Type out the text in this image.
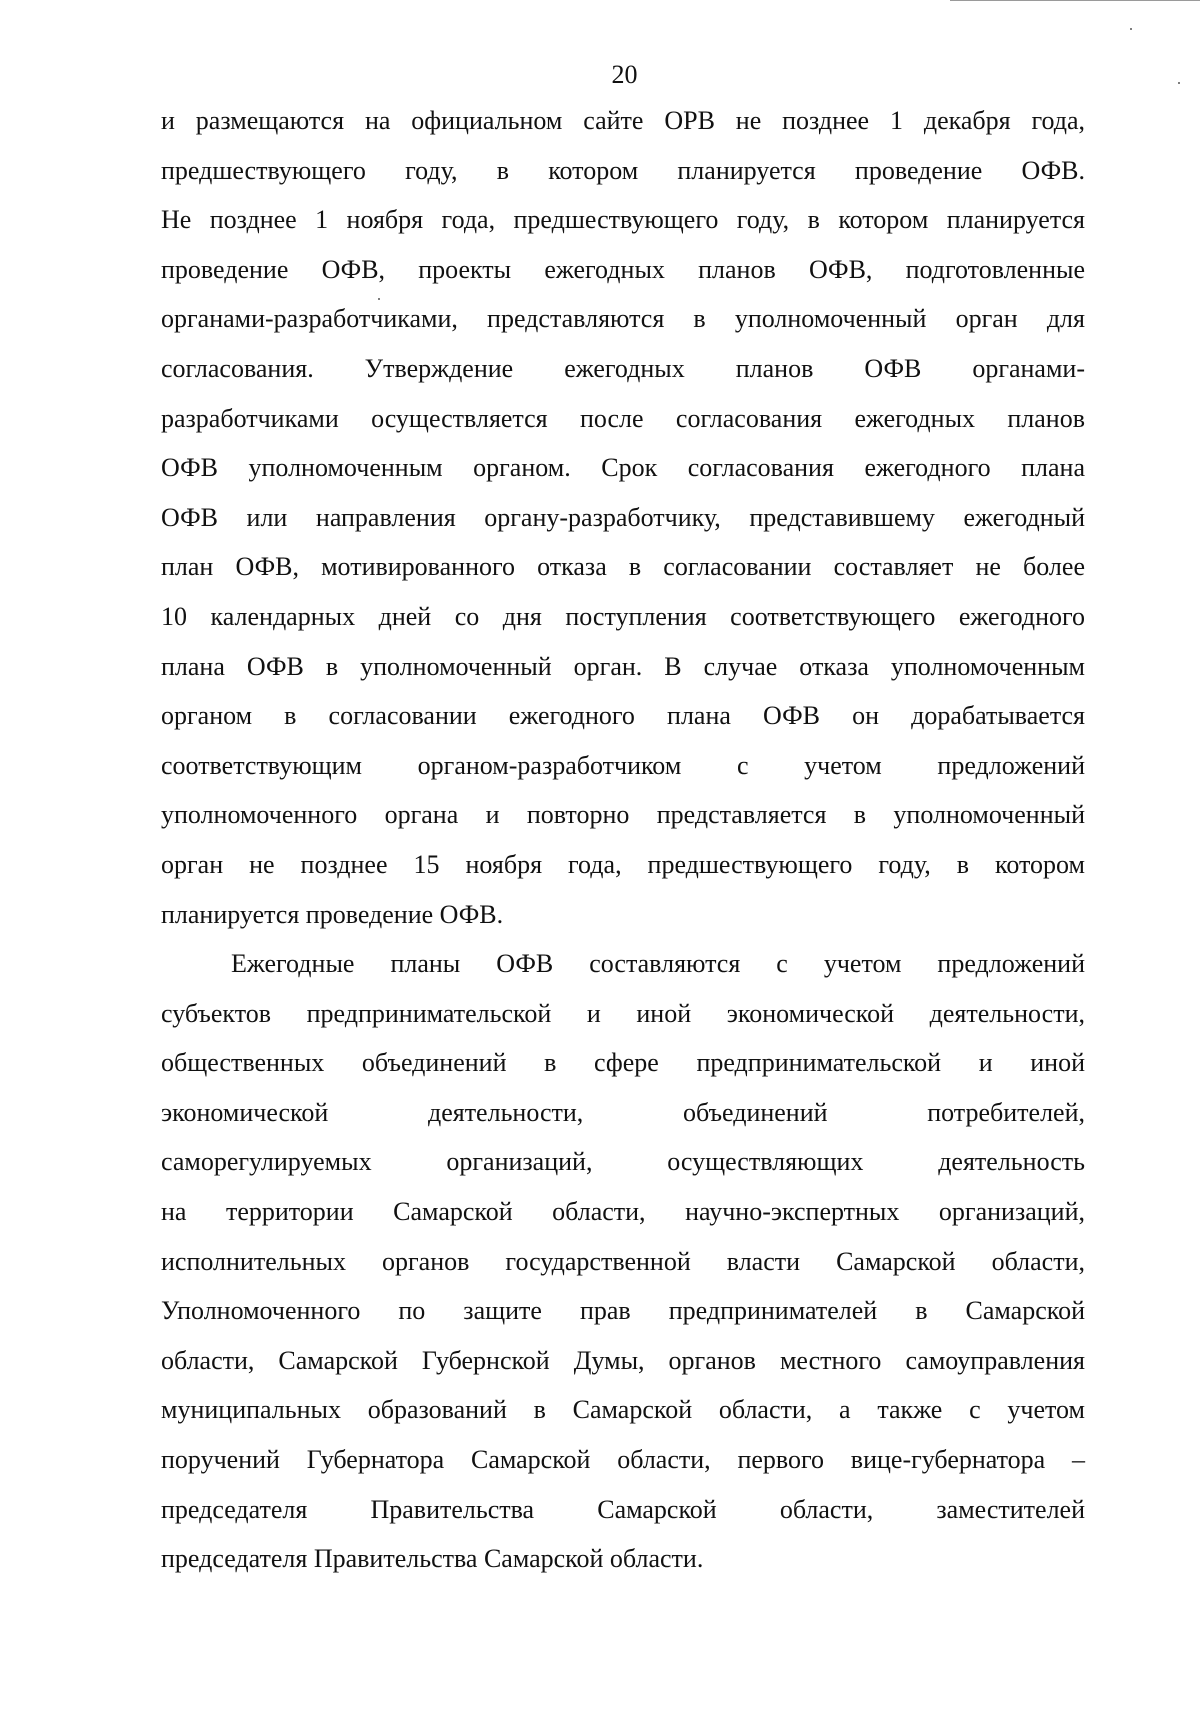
20
и размещаются на официальном сайте ОРВ не позднее 1 декабря года,
предшествующего году, в котором планируется проведение ОФВ.
Не позднее 1 ноября года, предшествующего году, в котором планируется
проведение ОФВ, проекты ежегодных планов ОФВ, подготовленные
органами-разработчиками, представляются в уполномоченный орган для
согласования. Утверждение ежегодных планов ОФВ органами-
разработчиками осуществляется после согласования ежегодных планов
ОФВ уполномоченным органом. Срок согласования ежегодного плана
ОФВ или направления органу-разработчику, представившему ежегодный
план ОФВ, мотивированного отказа в согласовании составляет не более
10 календарных дней со дня поступления соответствующего ежегодного
плана ОФВ в уполномоченный орган. В случае отказа уполномоченным
органом в согласовании ежегодного плана ОФВ он дорабатывается
соответствующим органом-разработчиком с учетом предложений
уполномоченного органа и повторно представляется в уполномоченный
орган не позднее 15 ноября года, предшествующего году, в котором
планируется проведение ОФВ.
Ежегодные планы ОФВ составляются с учетом предложений
субъектов предпринимательской и иной экономической деятельности,
общественных объединений в сфере предпринимательской и иной
экономической деятельности, объединений потребителей,
саморегулируемых организаций, осуществляющих деятельность
на территории Самарской области, научно-экспертных организаций,
исполнительных органов государственной власти Самарской области,
Уполномоченного по защите прав предпринимателей в Самарской
области, Самарской Губернской Думы, органов местного самоуправления
муниципальных образований в Самарской области, а также с учетом
поручений Губернатора Самарской области, первого вице-губернатора –
председателя Правительства Самарской области, заместителей
председателя Правительства Самарской области.
